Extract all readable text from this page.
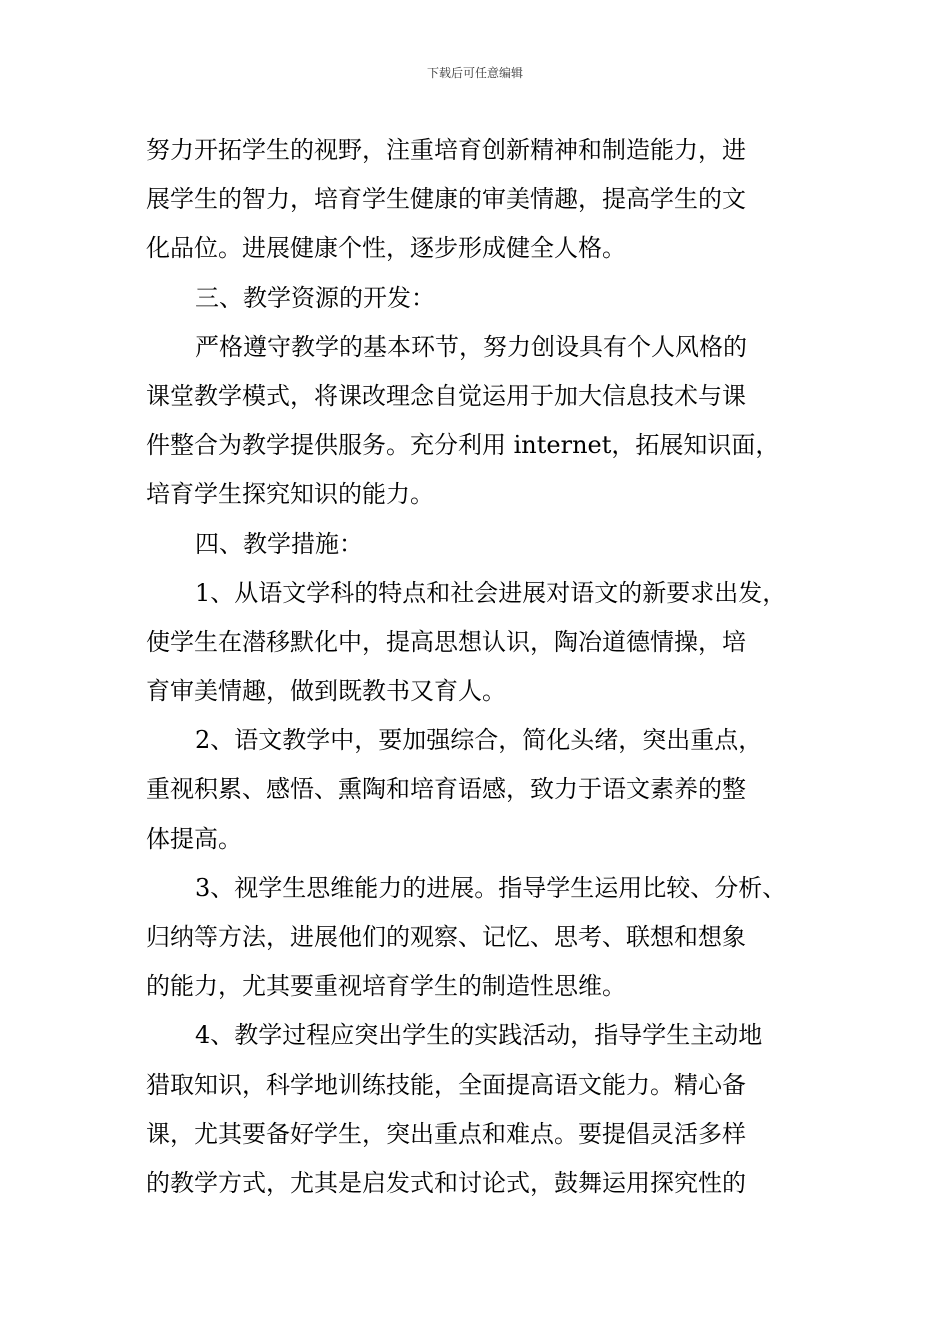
下载后可任意编辑
努力开拓学生的视野，注重培育创新精神和制造能力，进
展学生的智力，培育学生健康的审美情趣，提高学生的文
化品位。进展健康个性，逐步形成健全人格。
三、教学资源的开发：
严格遵守教学的基本环节，努力创设具有个人风格的
课堂教学模式，将课改理念自觉运用于加大信息技术与课
件整合为教学提供服务。充分利用 internet，拓展知识面，
培育学生探究知识的能力。
四、教学措施：
1、从语文学科的特点和社会进展对语文的新要求出发，
使学生在潜移默化中，提高思想认识，陶冶道德情操，培
育审美情趣，做到既教书又育人。
2、语文教学中，要加强综合，简化头绪，突出重点，
重视积累、感悟、熏陶和培育语感，致力于语文素养的整
体提高。
3、视学生思维能力的进展。指导学生运用比较、分析、
归纳等方法，进展他们的观察、记忆、思考、联想和想象
的能力，尤其要重视培育学生的制造性思维。
4、教学过程应突出学生的实践活动，指导学生主动地
猎取知识，科学地训练技能，全面提高语文能力。精心备
课，尤其要备好学生，突出重点和难点。要提倡灵活多样
的教学方式，尤其是启发式和讨论式，鼓舞运用探究性的
